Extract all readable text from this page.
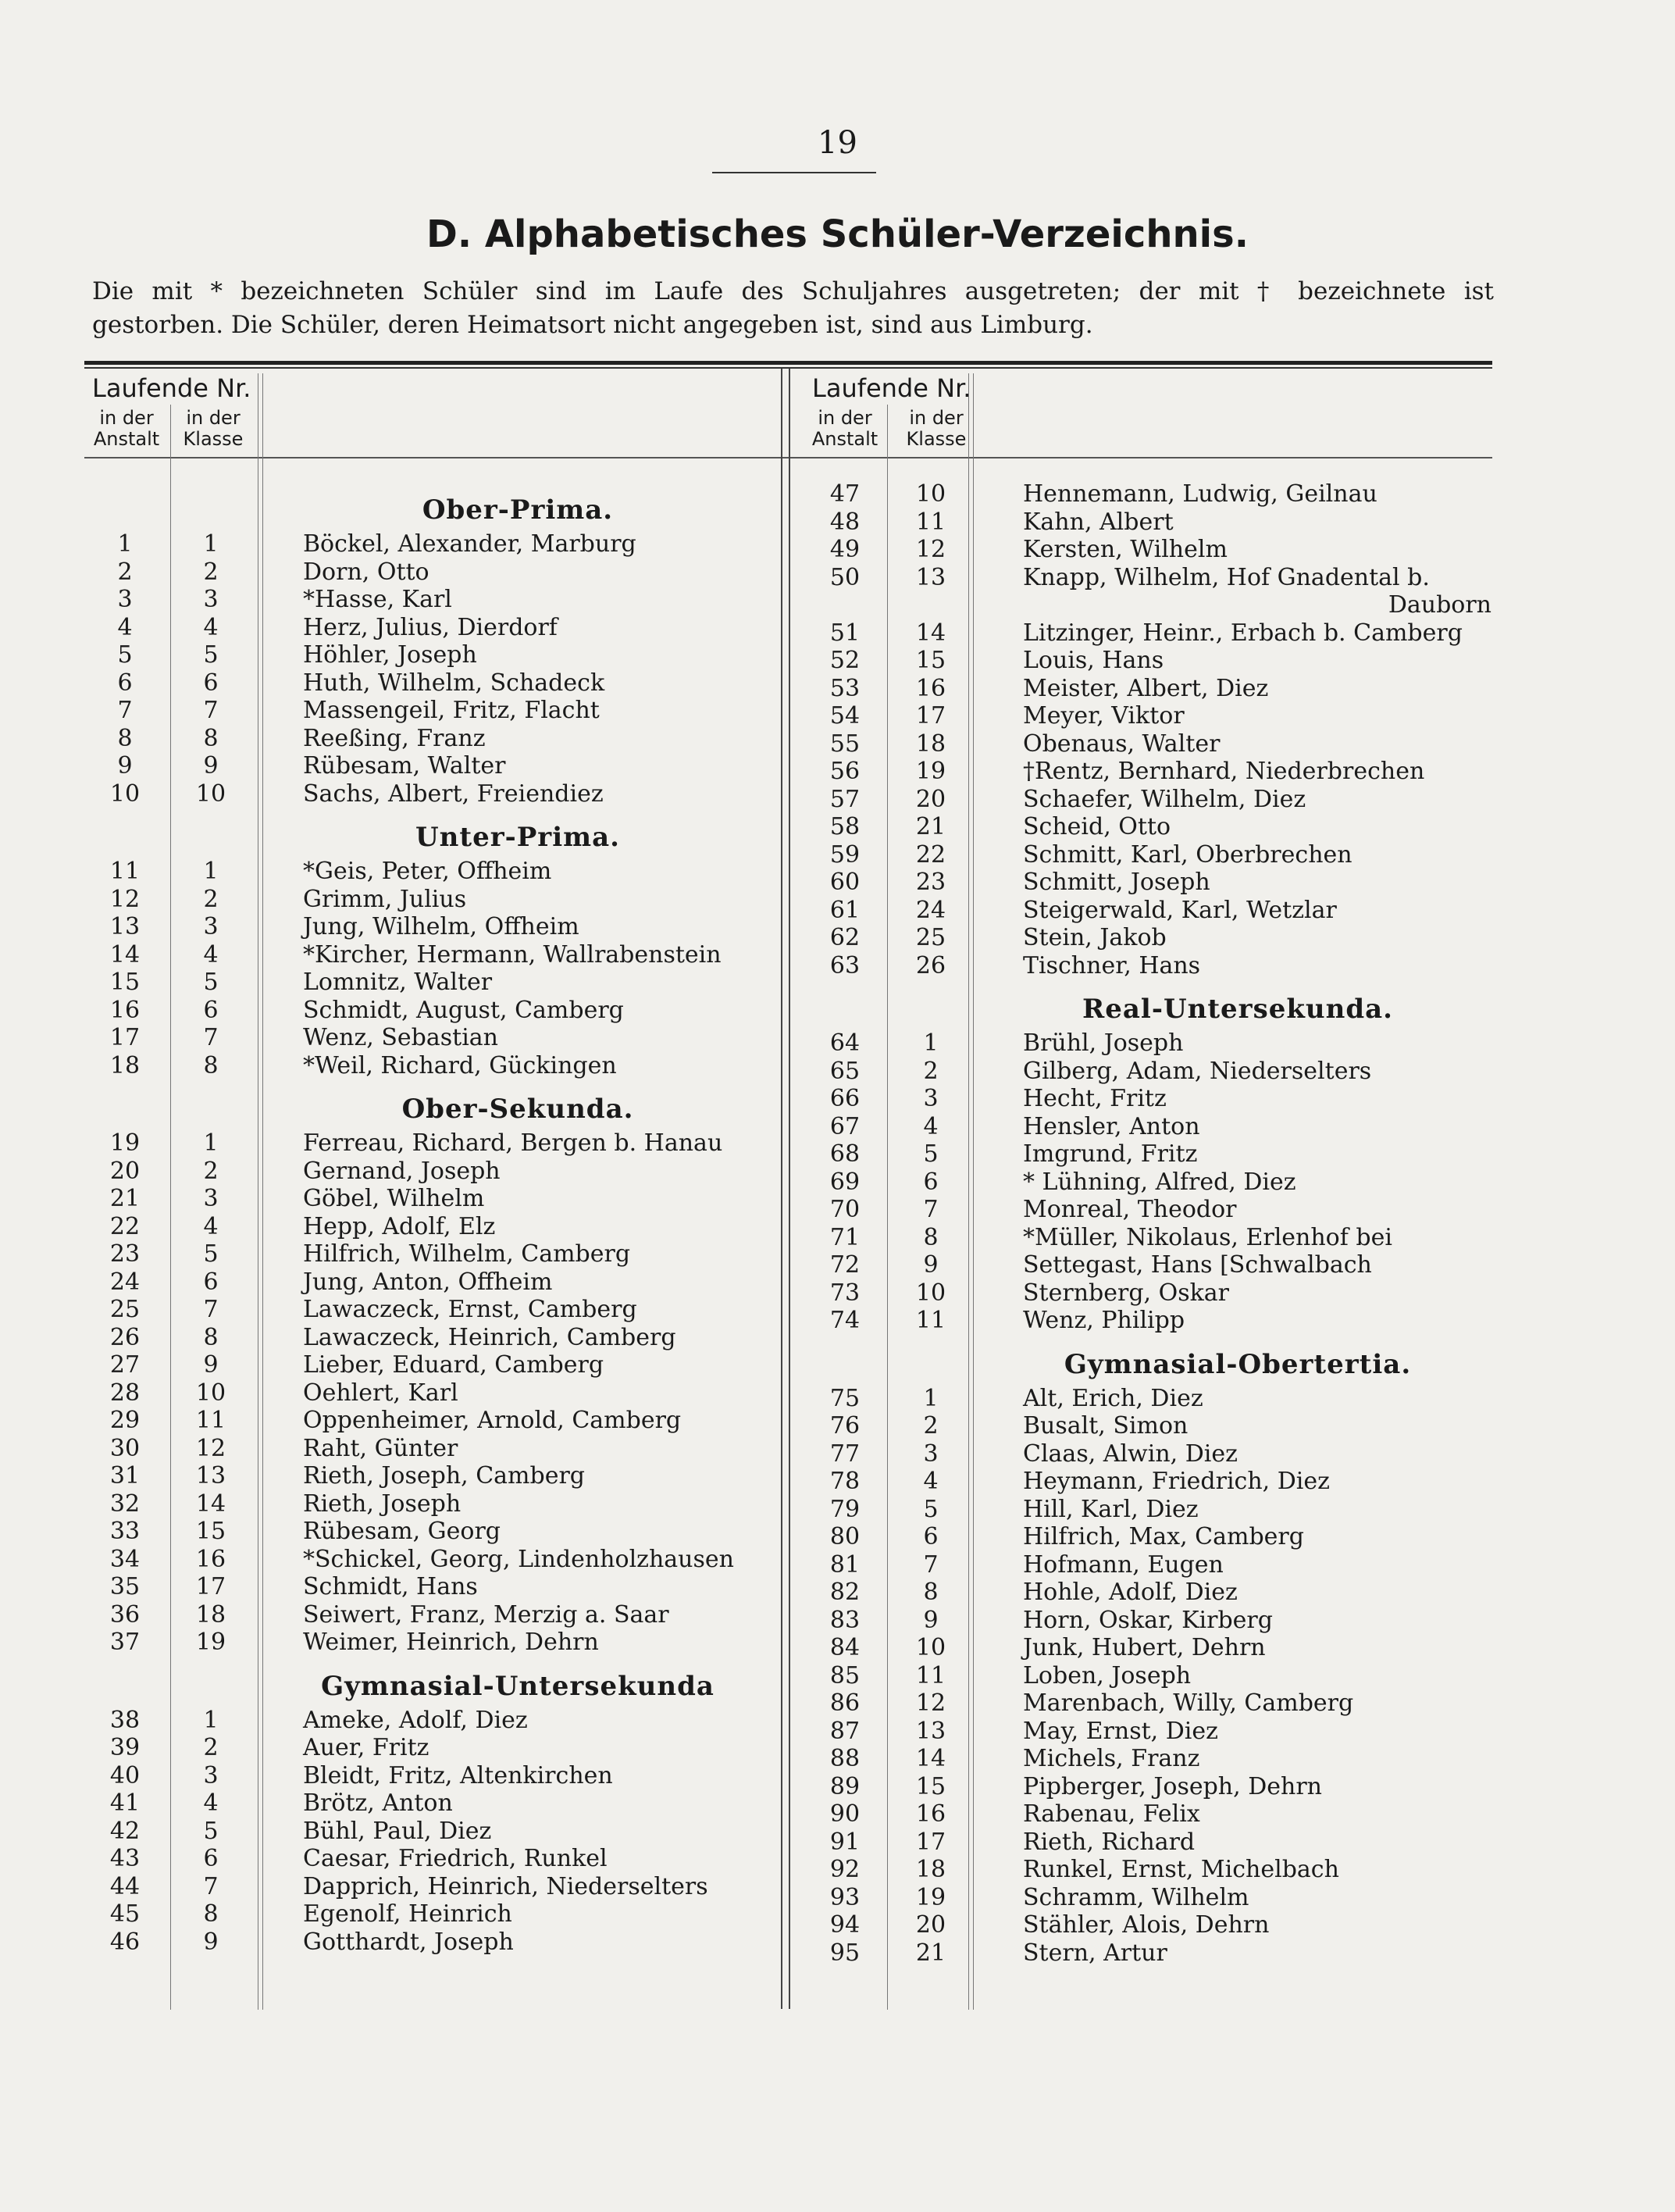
19
D. Alphabetisches Schüler-Verzeichnis.
Die mit * bezeichneten Schüler sind im Laufe des Schuljahres ausgetreten; der mit † bezeichnete ist
gestorben. Die Schüler, deren Heimatsort nicht angegeben ist, sind aus Limburg.
Laufende Nr.
in der
Anstalt
in der
Klasse
Laufende Nr.
in der
Anstalt
in der
Klasse
Ober-Prima.
1	1	Böckel, Alexander, Marburg
2	2	Dorn, Otto
3	3	*Hasse, Karl
4	4	Herz, Julius, Dierdorf
5	5	Höhler, Joseph
6	6	Huth, Wilhelm, Schadeck
7	7	Massengeil, Fritz, Flacht
8	8	Reeßing, Franz
9	9	Rübesam, Walter
10	10	Sachs, Albert, Freiendiez
Unter-Prima.
11	1	*Geis, Peter, Offheim
12	2	Grimm, Julius
13	3	Jung, Wilhelm, Offheim
14	4	*Kircher, Hermann, Wallrabenstein
15	5	Lomnitz, Walter
16	6	Schmidt, August, Camberg
17	7	Wenz, Sebastian
18	8	*Weil, Richard, Gückingen
Ober-Sekunda.
19	1	Ferreau, Richard, Bergen b. Hanau
20	2	Gernand, Joseph
21	3	Göbel, Wilhelm
22	4	Hepp, Adolf, Elz
23	5	Hilfrich, Wilhelm, Camberg
24	6	Jung, Anton, Offheim
25	7	Lawaczeck, Ernst, Camberg
26	8	Lawaczeck, Heinrich, Camberg
27	9	Lieber, Eduard, Camberg
28	10	Oehlert, Karl
29	11	Oppenheimer, Arnold, Camberg
30	12	Raht, Günter
31	13	Rieth, Joseph, Camberg
32	14	Rieth, Joseph
33	15	Rübesam, Georg
34	16	*Schickel, Georg, Lindenholzhausen
35	17	Schmidt, Hans
36	18	Seiwert, Franz, Merzig a. Saar
37	19	Weimer, Heinrich, Dehrn
Gymnasial-Untersekunda
38	1	Ameke, Adolf, Diez
39	2	Auer, Fritz
40	3	Bleidt, Fritz, Altenkirchen
41	4	Brötz, Anton
42	5	Bühl, Paul, Diez
43	6	Caesar, Friedrich, Runkel
44	7	Dapprich, Heinrich, Niederselters
45	8	Egenolf, Heinrich
46	9	Gotthardt, Joseph
47	10	Hennemann, Ludwig, Geilnau
48	11	Kahn, Albert
49	12	Kersten, Wilhelm
50	13	Knapp, Wilhelm, Hof Gnadental b.
Dauborn
51	14	Litzinger, Heinr., Erbach b. Camberg
52	15	Louis, Hans
53	16	Meister, Albert, Diez
54	17	Meyer, Viktor
55	18	Obenaus, Walter
56	19	†Rentz, Bernhard, Niederbrechen
57	20	Schaefer, Wilhelm, Diez
58	21	Scheid, Otto
59	22	Schmitt, Karl, Oberbrechen
60	23	Schmitt, Joseph
61	24	Steigerwald, Karl, Wetzlar
62	25	Stein, Jakob
63	26	Tischner, Hans
Real-Untersekunda.
64	1	Brühl, Joseph
65	2	Gilberg, Adam, Niederselters
66	3	Hecht, Fritz
67	4	Hensler, Anton
68	5	Imgrund, Fritz
69	6	* Lühning, Alfred, Diez
70	7	Monreal, Theodor
71	8	*Müller, Nikolaus, Erlenhof bei
72	9	Settegast, Hans [Schwalbach
73	10	Sternberg, Oskar
74	11	Wenz, Philipp
Gymnasial-Obertertia.
75	1	Alt, Erich, Diez
76	2	Busalt, Simon
77	3	Claas, Alwin, Diez
78	4	Heymann, Friedrich, Diez
79	5	Hill, Karl, Diez
80	6	Hilfrich, Max, Camberg
81	7	Hofmann, Eugen
82	8	Hohle, Adolf, Diez
83	9	Horn, Oskar, Kirberg
84	10	Junk, Hubert, Dehrn
85	11	Loben, Joseph
86	12	Marenbach, Willy, Camberg
87	13	May, Ernst, Diez
88	14	Michels, Franz
89	15	Pipberger, Joseph, Dehrn
90	16	Rabenau, Felix
91	17	Rieth, Richard
92	18	Runkel, Ernst, Michelbach
93	19	Schramm, Wilhelm
94	20	Stähler, Alois, Dehrn
95	21	Stern, Artur
